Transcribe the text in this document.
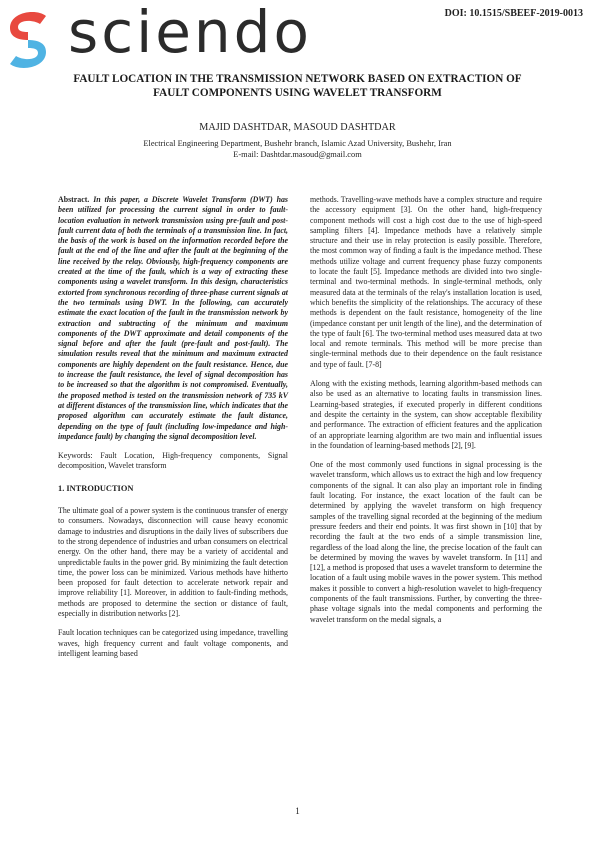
sciendo	DOI: 10.1515/SBEEF-2019-0013
FAULT LOCATION IN THE TRANSMISSION NETWORK BASED ON EXTRACTION OF
FAULT COMPONENTS USING WAVELET TRANSFORM
MAJID DASHTDAR, MASOUD DASHTDAR
Electrical Engineering Department, Bushehr branch, Islamic Azad University, Bushehr, Iran
E-mail: Dashtdar.masoud@gmail.com

Abstract. In this paper, a Discrete Wavelet Transform (DWT) has been utilized for processing the current signal in order to fault-location evaluation in network transmission using pre-fault and post-fault current data of both the terminals of a transmission line. In fact, the basis of the work is based on the information recorded before the fault at the end of the line and after the fault at the beginning of the line received by the relay. Obviously, high-frequency components are created at the time of the fault, which is a way of extracting these components using a wavelet transform. In this design, characteristics extorted from synchronous recording of three-phase current signals at the two terminals using DWT. In the following, can accurately estimate the exact location of the fault in the transmission network by extraction and subtracting of the minimum and maximum components of the DWT approximate and detail components of the signal before and after the fault (pre-fault and post-fault). The simulation results reveal that the minimum and maximum extracted components are highly dependent on the fault resistance. Hence, due to increase the fault resistance, the level of signal decomposition has to be increased so that the algorithm is not compromised. Eventually, the proposed method is tested on the transmission network of 735 kV at different distances of the transmission line, which indicates that the proposed algorithm can accurately estimate the fault distance, depending on the type of fault (including low-impedance and high-impedance fault) by changing the signal decomposition level.

Keywords: Fault Location, High-frequency components, Signal decomposition, Wavelet transform

1. INTRODUCTION

The ultimate goal of a power system is the continuous transfer of energy to consumers. Nowadays, disconnection will cause heavy economic damage to industries and disruptions in the daily lives of subscribers due to the strong dependence of industries and urban consumers on electrical energy. On the other hand, there may be a variety of accidental and unpredictable faults in the power grid. By minimizing the fault detection time, the power loss can be minimized. Various methods have hitherto been proposed for fault detection to accelerate network repair and improve reliability [1]. Moreover, in addition to fault-finding methods, methods are proposed to determine the section or distance of fault, especially in distribution networks [2].

Fault location techniques can be categorized using impedance, travelling waves, high frequency current and fault voltage components, and intelligent learning based

methods. Travelling-wave methods have a complex structure and require the accessory equipment [3]. On the other hand, high-frequency component methods will cost a high cost due to the use of high-speed sampling filters [4]. Impedance methods have a relatively simple structure and their use in relay protection is easily possible. Therefore, the most common way of finding a fault is the impedance method. These methods utilize voltage and current frequency phase fuzzy components to locate the fault [5]. Impedance methods are divided into two single-terminal and two-terminal methods. In single-terminal methods, only measured data at the terminals of the relay's installation location is used, which benefits the simplicity of the relationships. The accuracy of these methods is dependent on the fault resistance, homogeneity of the line (impedance constant per unit length of the line), and the determination of the type of fault [6]. The two-terminal method uses measured data at two local and remote terminals. This method will be more precise than single-terminal methods due to their dependence on the fault resistance and type of fault. [7-8]

Along with the existing methods, learning algorithm-based methods can also be used as an alternative to locating faults in transmission lines. Learning-based strategies, if executed properly in different conditions and despite the certainty in the system, can show acceptable flexibility and performance. The extraction of efficient features and the application of an appropriate learning algorithm are two main and influential issues in the foundation of learning-based methods [2], [9].

One of the most commonly used functions in signal processing is the wavelet transform, which allows us to extract the high and low frequency components of the signal. It can also play an important role in finding fault locating. For instance, the exact location of the fault can be determined by applying the wavelet transform on high frequency samples of the travelling signal recorded at the beginning of the medium pressure feeders and their end points. It was first shown in [10] that by recording the fault at the two ends of a simple transmission line, regardless of the load along the line, the precise location of the fault can be determined by moving the waves by wavelet transform. In [11] and [12], a method is proposed that uses a wavelet transform to determine the location of a fault using mobile waves in the power system. This method makes it possible to convert a high-resolution wavelet to high-frequency components of the fault transmissions. Further, by converting the three-phase voltage signals into the medal components and performing the wavelet transform on the medal signals, a

1
